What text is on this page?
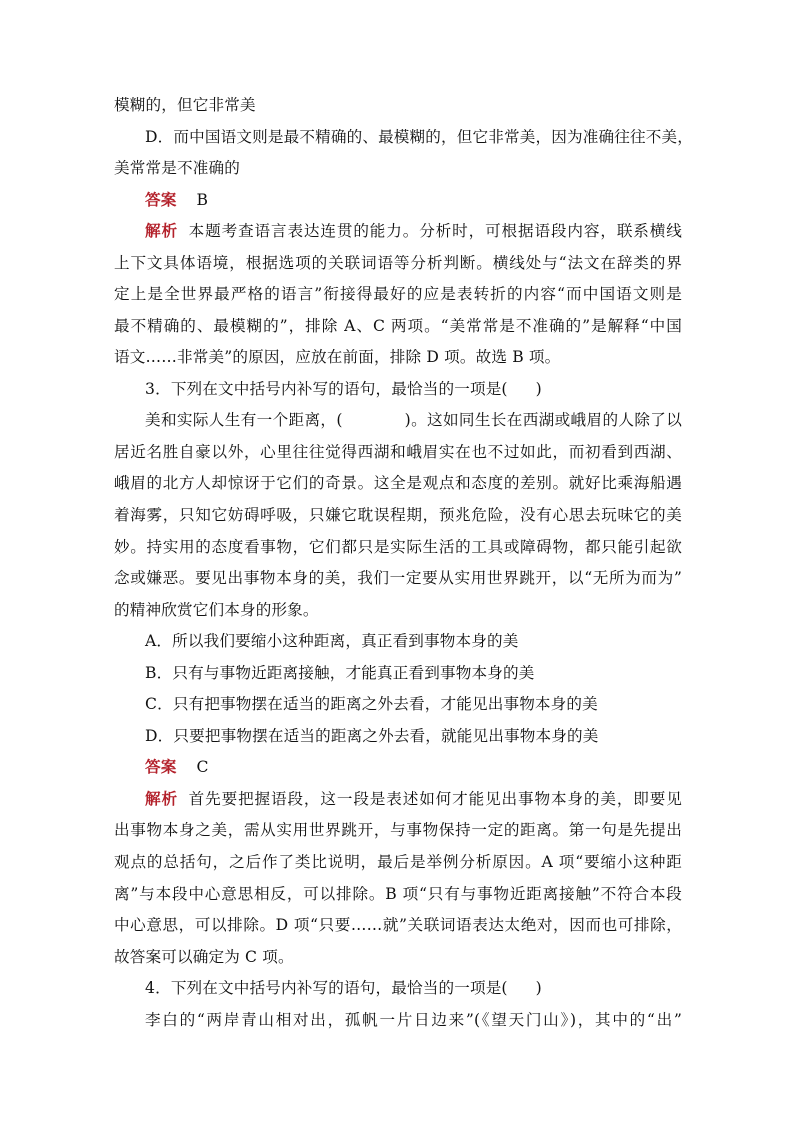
模糊的，但它非常美
D．而中国语文则是最不精确的、最模糊的，但它非常美，因为准确往往不美，
美常常是不准确的
答案 B
解析 本题考查语言表达连贯的能力。分析时，可根据语段内容，联系横线
上下文具体语境，根据选项的关联词语等分析判断。横线处与“法文在辞类的界
定上是全世界最严格的语言”衔接得最好的应是表转折的内容“而中国语文则是
最不精确的、最模糊的”，排除 A、C 两项。“美常常是不准确的”是解释“中国
语文……非常美”的原因，应放在前面，排除 D 项。故选 B 项。
3．下列在文中括号内补写的语句，最恰当的一项是( )
美和实际人生有一个距离，(	)。这如同生长在西湖或峨眉的人除了以
居近名胜自豪以外，心里往往觉得西湖和峨眉实在也不过如此，而初看到西湖、
峨眉的北方人却惊讶于它们的奇景。这全是观点和态度的差别。就好比乘海船遇
着海雾，只知它妨碍呼吸，只嫌它耽误程期，预兆危险，没有心思去玩味它的美
妙。持实用的态度看事物，它们都只是实际生活的工具或障碍物，都只能引起欲
念或嫌恶。要见出事物本身的美，我们一定要从实用世界跳开，以“无所为而为”
的精神欣赏它们本身的形象。
A．所以我们要缩小这种距离，真正看到事物本身的美
B．只有与事物近距离接触，才能真正看到事物本身的美
C．只有把事物摆在适当的距离之外去看，才能见出事物本身的美
D．只要把事物摆在适当的距离之外去看，就能见出事物本身的美
答案 C
解析 首先要把握语段，这一段是表述如何才能见出事物本身的美，即要见
出事物本身之美，需从实用世界跳开，与事物保持一定的距离。第一句是先提出
观点的总括句，之后作了类比说明，最后是举例分析原因。A 项“要缩小这种距
离”与本段中心意思相反，可以排除。B 项“只有与事物近距离接触”不符合本段
中心意思，可以排除。D 项“只要……就”关联词语表达太绝对，因而也可排除，
故答案可以确定为 C 项。
4．下列在文中括号内补写的语句，最恰当的一项是( )
李白的“两岸青山相对出，孤帆一片日边来”(《望天门山》)，其中的“出”
